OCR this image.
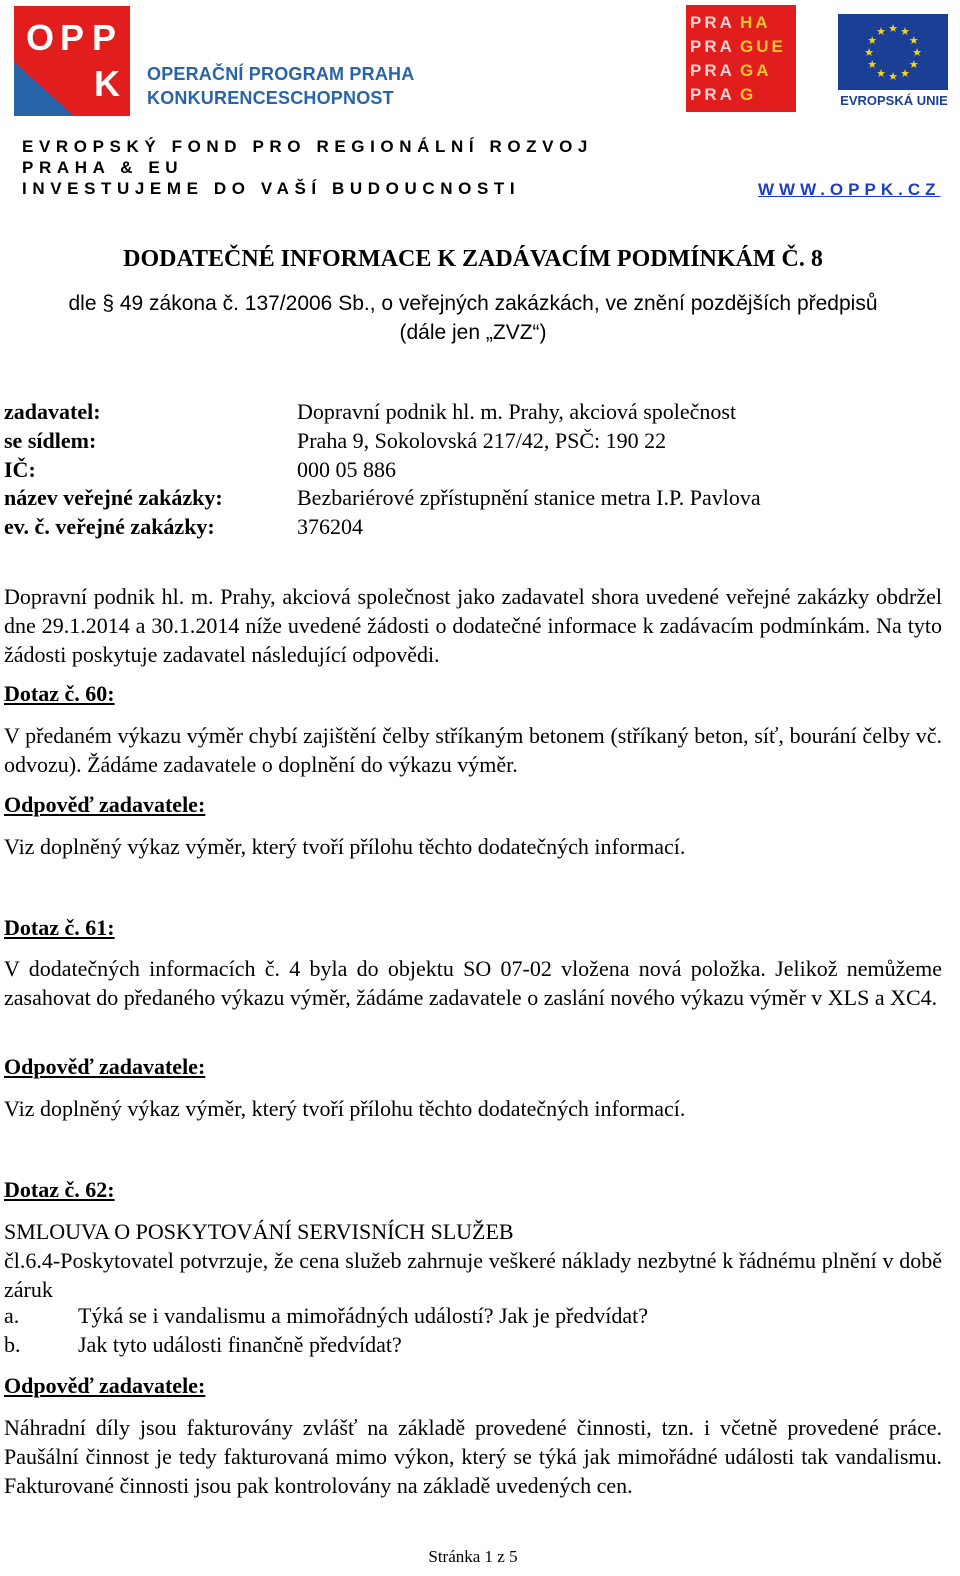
O P P
K OPERAČNÍ PROGRAM PRAHA
KONKURENCESCHOPNOST
PRA HA
PRA GUE
PRA GA
PRA G
★ ★
★
★
★
★
★
★
★
★
★
★
EVROPSKÁ UNIE
EVROPSKÝ FOND PRO REGIONÁLNÍ ROZVOJ
PRAHA & EU
INVESTUJEME DO VAŠÍ BUDOUCNOSTI	WWW.OPPK.CZ
DODATEČNÉ INFORMACE K ZADÁVACÍM PODMÍNKÁM Č. 8
dle § 49 zákona č. 137/2006 Sb., o veřejných zakázkách, ve znění pozdějších předpisů
(dále jen „ZVZ“)
zadavatel:	Dopravní podnik hl. m. Prahy, akciová společnost
se sídlem:	Praha 9, Sokolovská 217/42, PSČ: 190 22
IČ:	000 05 886
název veřejné zakázky:	Bezbariérové zpřístupnění stanice metra I.P. Pavlova
ev. č. veřejné zakázky:	376204
Dopravní podnik hl. m. Prahy, akciová společnost jako zadavatel shora uvedené veřejné zakázky obdržel dne 29.1.2014 a 30.1.2014 níže uvedené žádosti o dodatečné informace k zadávacím podmínkám. Na tyto žádosti poskytuje zadavatel následující odpovědi.
Dotaz č. 60:
V předaném výkazu výměr chybí zajištění čelby stříkaným betonem (stříkaný beton, síť, bourání čelby vč. odvozu). Žádáme zadavatele o doplnění do výkazu výměr.
Odpověď zadavatele:
Viz doplněný výkaz výměr, který tvoří přílohu těchto dodatečných informací.
Dotaz č. 61:
V dodatečných informacích č. 4 byla do objektu SO 07-02 vložena nová položka. Jelikož nemůžeme zasahovat do předaného výkazu výměr, žádáme zadavatele o zaslání nového výkazu výměr v XLS a XC4.
Odpověď zadavatele:
Viz doplněný výkaz výměr, který tvoří přílohu těchto dodatečných informací.
Dotaz č. 62:
SMLOUVA O POSKYTOVÁNÍ SERVISNÍCH SLUŽEB
čl.6.4-Poskytovatel potvrzuje, že cena služeb zahrnuje veškeré náklady nezbytné k řádnému plnění v době záruk
a.	Týká se i vandalismu a mimořádných událostí? Jak je předvídat?
b.	Jak tyto události finančně předvídat?
Odpověď zadavatele:
Náhradní díly jsou fakturovány zvlášť na základě provedené činnosti, tzn. i včetně provedené práce. Paušální činnost je tedy fakturovaná mimo výkon, který se týká jak mimořádné události tak vandalismu. Fakturované činnosti jsou pak kontrolovány na základě uvedených cen.
Stránka 1 z 5
